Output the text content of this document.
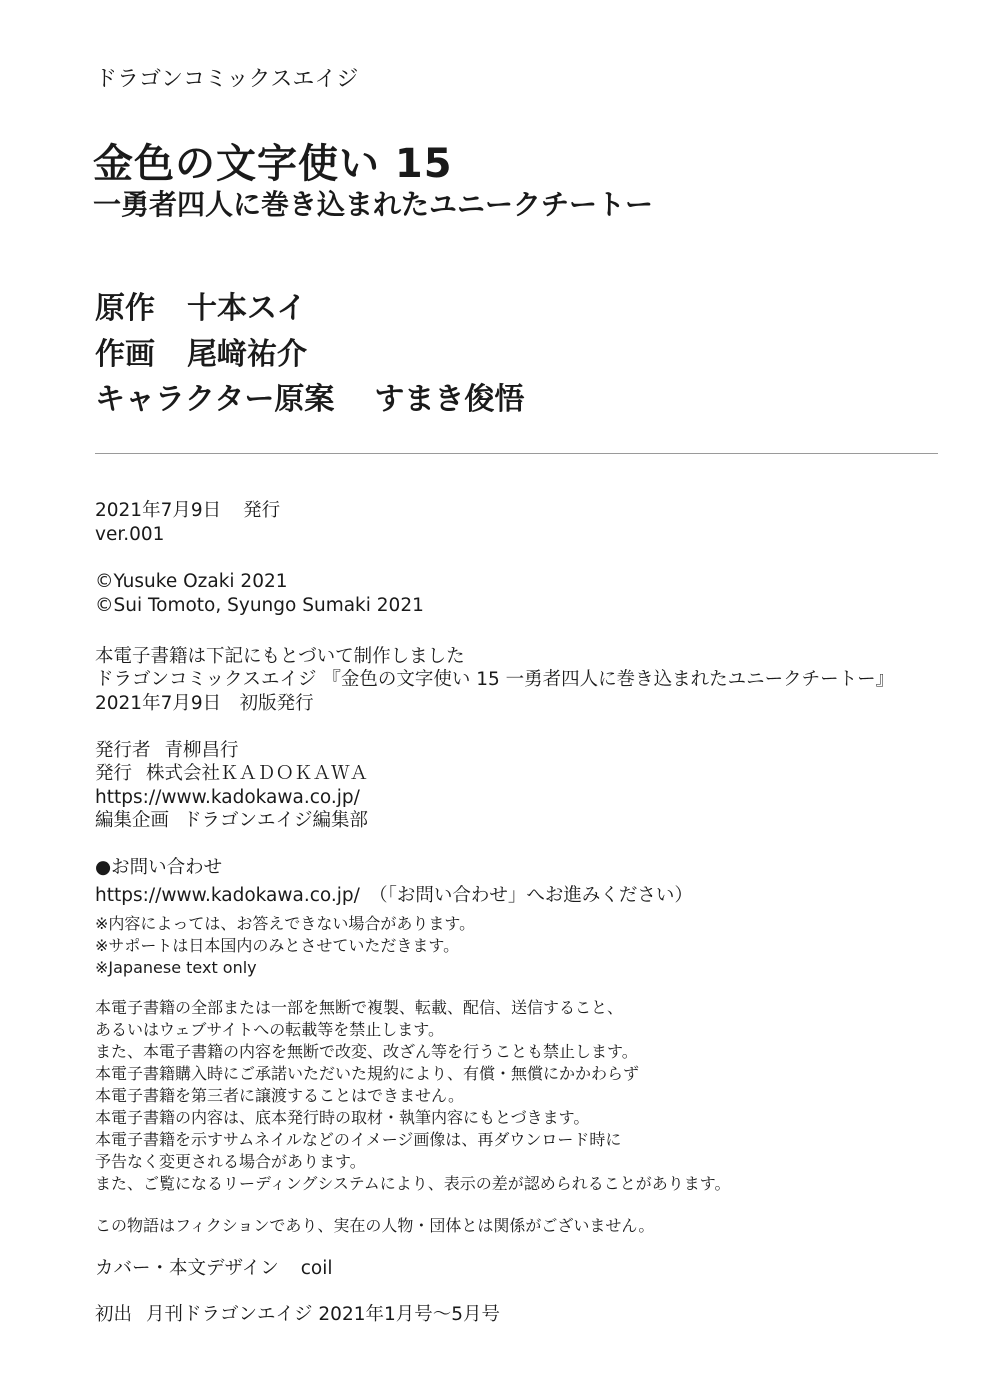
ドラゴンコミックスエイジ
金色の文字使い 15
一勇者四人に巻き込まれたユニークチートー
原作 十本スイ
作画 尾﨑祐介
キャラクター原案 すまき俊悟
2021年7月9日 発行
ver.001
©Yusuke Ozaki 2021
©Sui Tomoto, Syungo Sumaki 2021
本電子書籍は下記にもとづいて制作しました
ドラゴンコミックスエイジ 『金色の文字使い 15 一勇者四人に巻き込まれたユニークチートー』
2021年7月9日　初版発行
発行者 青柳昌行
発行 株式会社ＫＡＤＯＫＡＷＡ
https://www.kadokawa.co.jp/
編集企画 ドラゴンエイジ編集部
●お問い合わせ
https://www.kadokawa.co.jp/　（「お問い合わせ」へお進みください）
※内容によっては、お答えできない場合があります。
※サポートは日本国内のみとさせていただきます。
※Japanese text only
本電子書籍の全部または一部を無断で複製、転載、配信、送信すること、
あるいはウェブサイトへの転載等を禁止します。
また、本電子書籍の内容を無断で改変、改ざん等を行うことも禁止します。
本電子書籍購入時にご承諾いただいた規約により、有償・無償にかかわらず
本電子書籍を第三者に譲渡することはできません。
本電子書籍の内容は、底本発行時の取材・執筆内容にもとづきます。
本電子書籍を示すサムネイルなどのイメージ画像は、再ダウンロード時に
予告なく変更される場合があります。
また、ご覧になるリーディングシステムにより、表示の差が認められることがあります。
この物語はフィクションであり、実在の人物・団体とは関係がございません。
カバー・本文デザイン coil
初出 月刊ドラゴンエイジ 2021年1月号～5月号
